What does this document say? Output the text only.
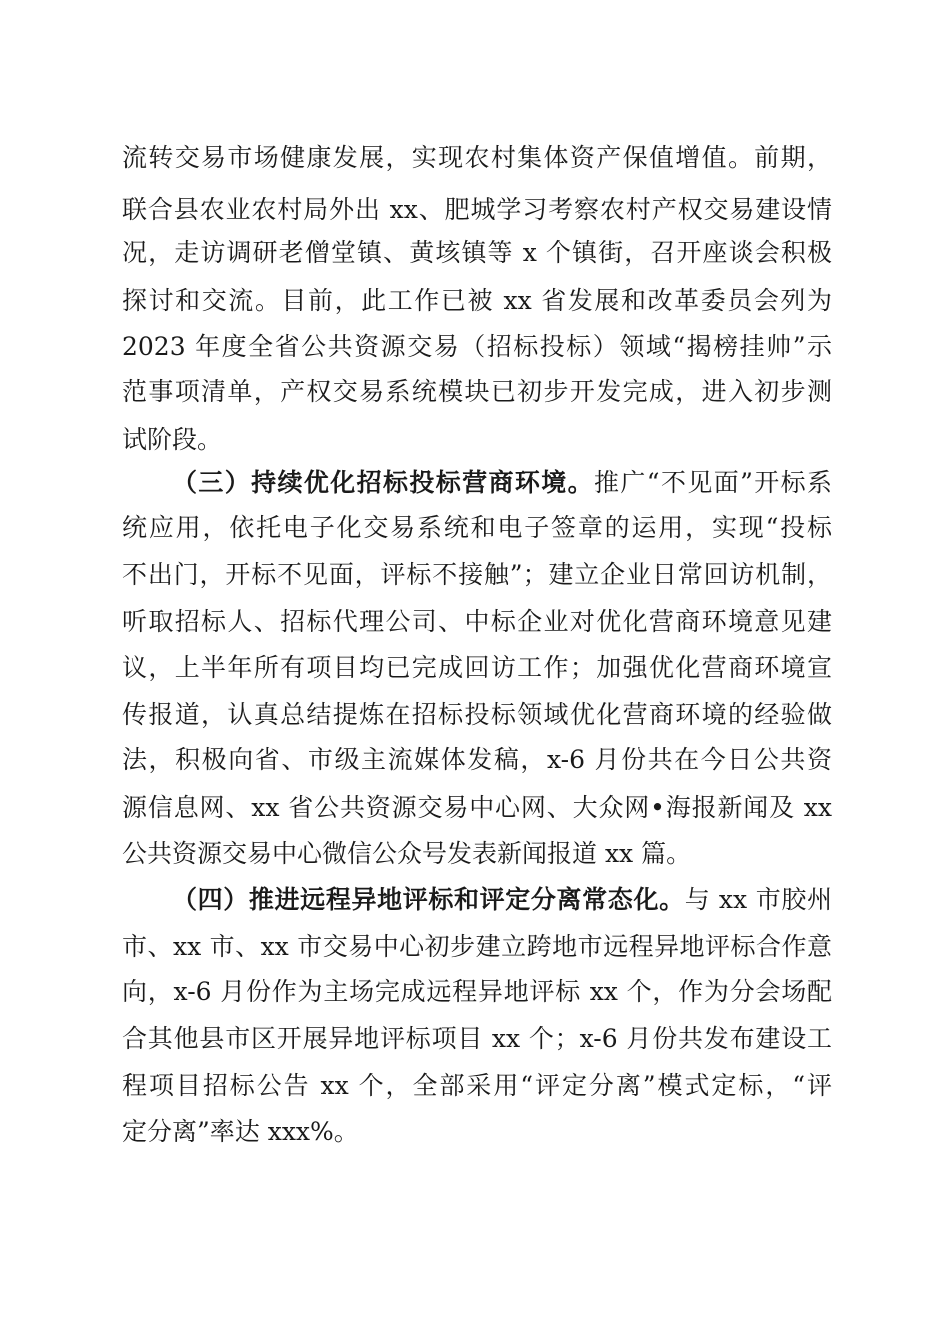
流转交易市场健康发展，实现农村集体资产保值增值。前期，
联合县农业农村局外出 xx、肥城学习考察农村产权交易建设情
况，走访调研老僧堂镇、黄垓镇等 x 个镇街，召开座谈会积极
探讨和交流。目前，此工作已被 xx 省发展和改革委员会列为
2023 年度全省公共资源交易（招标投标）领域“揭榜挂帅”示
范事项清单，产权交易系统模块已初步开发完成，进入初步测
试阶段。
（三）持续优化招标投标营商环境。推广“不见面”开标系
统应用，依托电子化交易系统和电子签章的运用，实现“投标
不出门，开标不见面，评标不接触”；建立企业日常回访机制，
听取招标人、招标代理公司、中标企业对优化营商环境意见建
议，上半年所有项目均已完成回访工作；加强优化营商环境宣
传报道，认真总结提炼在招标投标领域优化营商环境的经验做
法，积极向省、市级主流媒体发稿，x-6 月份共在今日公共资
源信息网、xx 省公共资源交易中心网、大众网•海报新闻及 xx
公共资源交易中心微信公众号发表新闻报道 xx 篇。
（四）推进远程异地评标和评定分离常态化。与 xx 市胶州
市、xx 市、xx 市交易中心初步建立跨地市远程异地评标合作意
向，x-6 月份作为主场完成远程异地评标 xx 个，作为分会场配
合其他县市区开展异地评标项目 xx 个；x-6 月份共发布建设工
程项目招标公告 xx 个，全部采用“评定分离”模式定标，“评
定分离”率达 xxx%。
